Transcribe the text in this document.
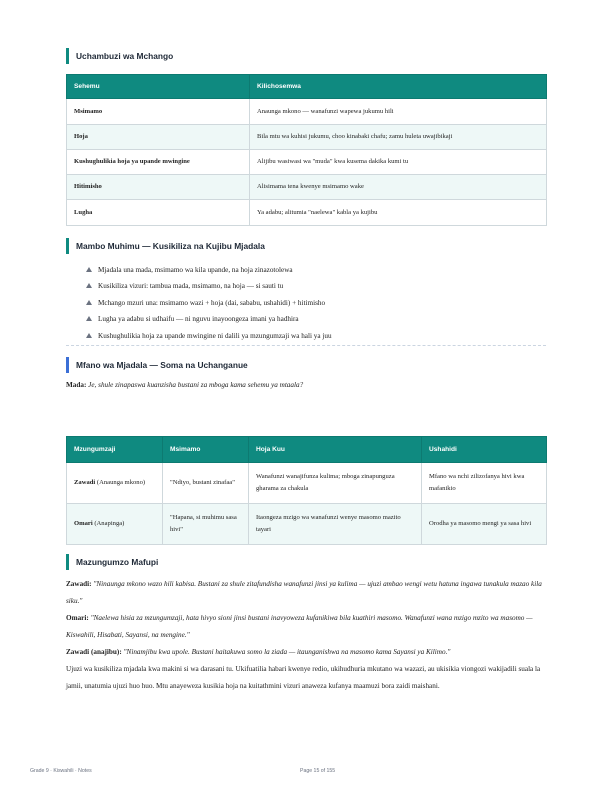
Uchambuzi wa Mchango
Sehemu	Kilichosemwa
Msimamo	Anaunga mkono — wanafunzi wapewa jukumu hili
Hoja	Bila mtu wa kuhisi jukumu, choo kinabaki chafu; zamu huleta uwajibikaji
Kushughulikia hoja ya upande mwingine	Alijibu wasiwasi wa "muda" kwa kusema dakika kumi tu
Hitimisho	Alisimama tena kwenye msimamo wake
Lugha	Ya adabu; alitumia "naelewa" kabla ya kujibu
Mambo Muhimu — Kusikiliza na Kujibu Mjadala
Mjadala una mada, msimamo wa kila upande, na hoja zinazotolewa
Kusikiliza vizuri: tambua mada, msimamo, na hoja — si sauti tu
Mchango mzuri una: msimamo wazi + hoja (dai, sababu, ushahidi) + hitimisho
Lugha ya adabu si udhaifu — ni nguvu inayoongeza imani ya hadhira
Kushughulikia hoja za upande mwingine ni dalili ya mzungumzaji wa hali ya juu
Mfano wa Mjadala — Soma na Uchanganue
Mada: Je, shule zinapaswa kuanzisha bustani za mboga kama sehemu ya mtaala?
Mzungumzaji	Msimamo	Hoja Kuu	Ushahidi
Zawadi (Anaunga mkono)	"Ndiyo, bustani zinafaa"	Wanafunzi wanajifunza kulima; mboga zinapunguza gharama za chakula	Mfano wa nchi zilizofanya hivi kwa mafanikio
Omari (Anapinga)	"Hapana, si muhimu sasa hivi"	Itaongeza mzigo wa wanafunzi wenye masomo mazito tayari	Orodha ya masomo mengi ya sasa hivi
Mazungumzo Mafupi

Zawadi: "Ninaunga mkono wazo hili kabisa. Bustani za shule zitafundisha wanafunzi jinsi ya kulima — ujuzi ambao wengi wetu hatuna ingawa tunakula mazao kila siku."

Omari: "Naelewa hisia za mzungumzaji, hata hivyo sioni jinsi bustani inavyoweza kufanikiwa bila kuathiri masomo. Wanafunzi wana mzigo mzito wa masomo — Kiswahili, Hisabati, Sayansi, na mengine."

Zawadi (anajibu): "Ninamjibu kwa upole. Bustani haitakuwa somo la ziada — itaunganishwa na masomo kama Sayansi ya Kilimo."

Ujuzi wa kusikiliza mjadala kwa makini si wa darasani tu. Ukifuatilia habari kwenye redio, ukihudhuria mkutano wa wazazi, au ukisikia viongozi wakijadili suala la jamii, unatumia ujuzi huo huo. Mtu anayeweza kusikia hoja na kuitathmini vizuri anaweza kufanya maamuzi bora zaidi maishani.

Grade 9 · Kiswahili · Notes	Page 15 of 155
